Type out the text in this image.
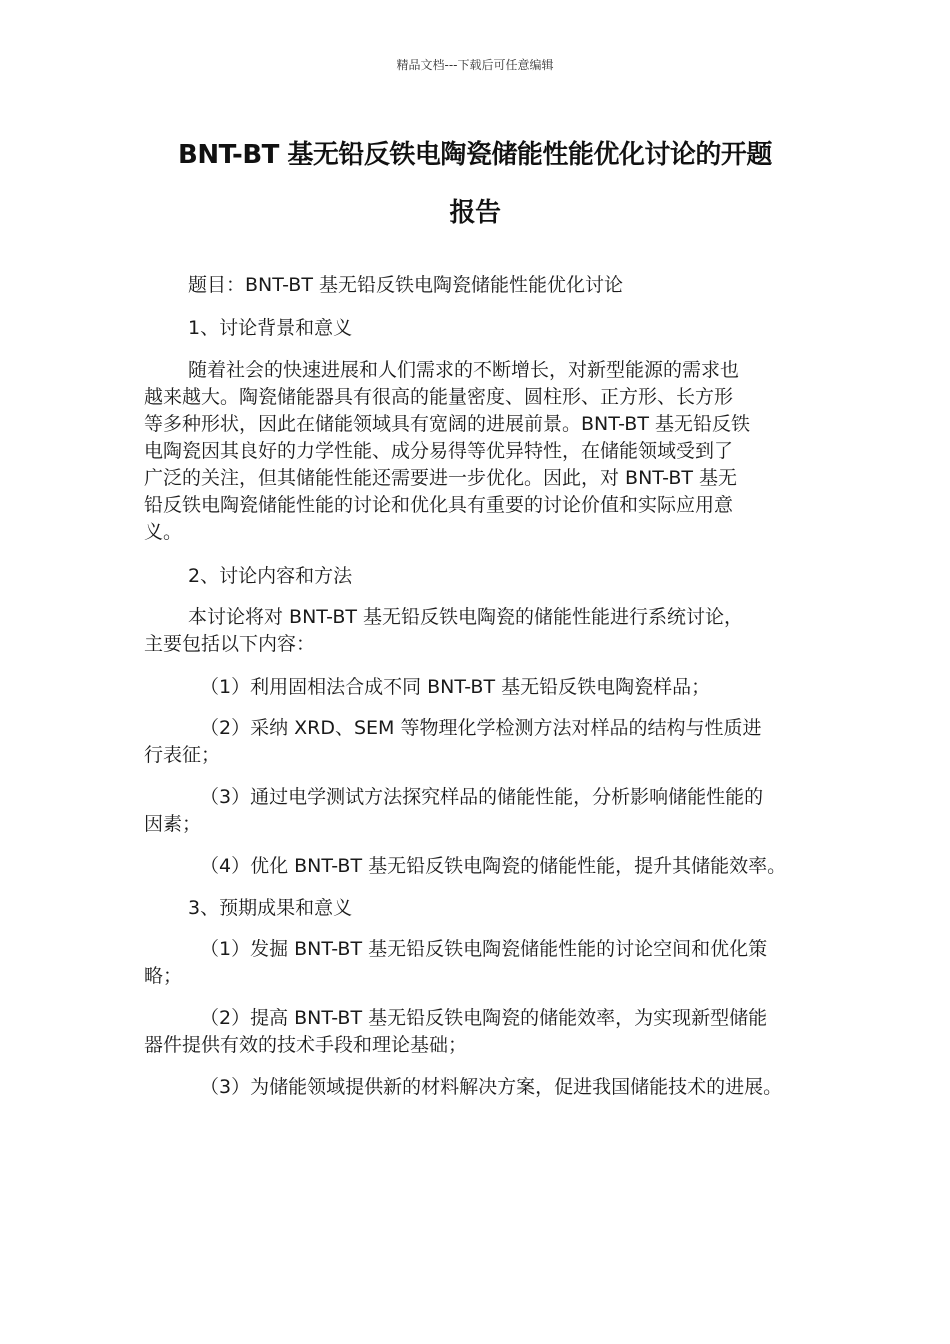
精品文档---下载后可任意编辑
BNT-BT 基无铅反铁电陶瓷储能性能优化讨论的开题
报告
题目：BNT-BT 基无铅反铁电陶瓷储能性能优化讨论
1、讨论背景和意义
随着社会的快速进展和人们需求的不断增长，对新型能源的需求也
越来越大。陶瓷储能器具有很高的能量密度、圆柱形、正方形、长方形
等多种形状，因此在储能领域具有宽阔的进展前景。BNT-BT 基无铅反铁
电陶瓷因其良好的力学性能、成分易得等优异特性，在储能领域受到了
广泛的关注，但其储能性能还需要进一步优化。因此，对 BNT-BT 基无
铅反铁电陶瓷储能性能的讨论和优化具有重要的讨论价值和实际应用意
义。
2、讨论内容和方法
本讨论将对 BNT-BT 基无铅反铁电陶瓷的储能性能进行系统讨论，
主要包括以下内容：
（1）利用固相法合成不同 BNT-BT 基无铅反铁电陶瓷样品；
（2）采纳 XRD、SEM 等物理化学检测方法对样品的结构与性质进
行表征；
（3）通过电学测试方法探究样品的储能性能，分析影响储能性能的
因素；
（4）优化 BNT-BT 基无铅反铁电陶瓷的储能性能，提升其储能效率。
3、预期成果和意义
（1）发掘 BNT-BT 基无铅反铁电陶瓷储能性能的讨论空间和优化策
略；
（2）提高 BNT-BT 基无铅反铁电陶瓷的储能效率，为实现新型储能
器件提供有效的技术手段和理论基础；
（3）为储能领域提供新的材料解决方案，促进我国储能技术的进展。
